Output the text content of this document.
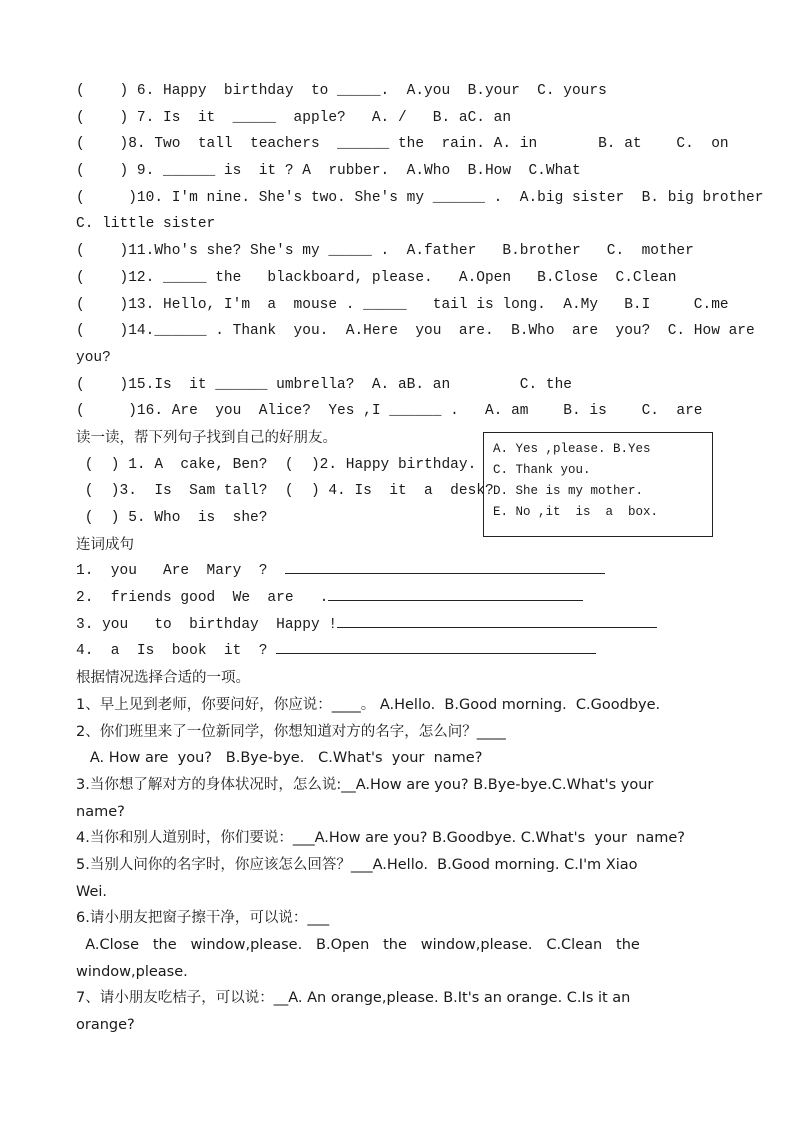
(    ) 6. Happy  birthday  to _____.  A.you  B.your  C. yours
(    ) 7. Is  it  _____  apple?   A. /   B. aC. an
(    )8. Two  tall  teachers  ______ the  rain. A. in       B. at    C.  on
(    ) 9. ______ is  it ? A  rubber.  A.Who  B.How  C.What
(     )10. I'm nine. She's two. She's my ______ .  A.big sister  B. big brother
C. little sister
(    )11.Who's she? She's my _____ .  A.father   B.brother   C.  mother
(    )12. _____ the   blackboard, please.   A.Open   B.Close  C.Clean
(    )13. Hello, I'm  a  mouse . _____   tail is long.  A.My   B.I     C.me
(    )14.______ . Thank  you.  A.Here  you  are.  B.Who  are  you?  C. How are
you?
(    )15.Is  it ______ umbrella?  A. aB. an        C. the
(     )16. Are  you  Alice?  Yes ,I ______ .   A. am    B. is    C.  are
读一读，帮下列句子找到自己的好朋友。
(  ) 1. A  cake, Ben?  (  )2. Happy birthday.
(  )3.  Is  Sam tall?  (  ) 4. Is  it  a  desk?
(  ) 5. Who  is  she?
连词成句
1.  you   Are  Mary  ?
2.  friends good  We  are   .
3. you   to  birthday  Happy !
4.  a  Is  book  it  ?
根据情况选择合适的一项。
1、早上见到老师，你要问好，你应说：____。 A.Hello.  B.Good morning.  C.Goodbye.
2、你们班里来了一位新同学，你想知道对方的名字，怎么问？____
A. How are  you?   B.Bye-bye.   C.What's  your  name?
3.当你想了解对方的身体状况时，怎么说:__A.How are you? B.Bye-bye.C.What's your
name?
4.当你和别人道别时，你们要说：___A.How are you? B.Goodbye. C.What's  your  name?
5.当别人问你的名字时，你应该怎么回答？___A.Hello.  B.Good morning. C.I'm Xiao
Wei.
6.请小朋友把窗子擦干净，可以说：___
A.Close   the   window,please.   B.Open   the   window,please.   C.Clean   the
window,please.
7、请小朋友吃桔子，可以说：__A. An orange,please. B.It's an orange. C.Is it an
orange?
A. Yes ,please. B.Yes
C. Thank you.
D. She is my mother.
E. No ,it  is  a  box.
